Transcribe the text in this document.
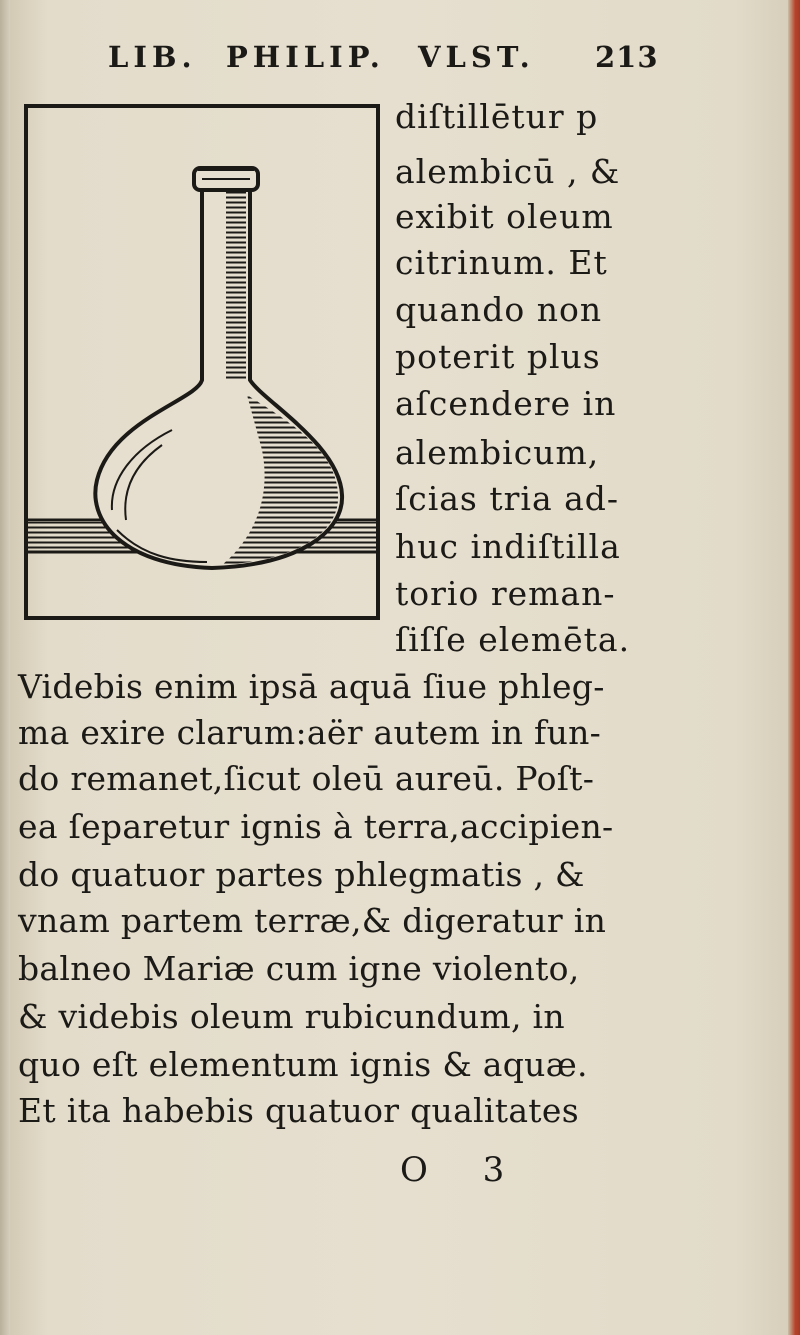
LIB. PHILIP. VLST. 213
diſtillētur p
alembicū , &
exibit oleum
citrinum. Et
quando non
poterit plus
aſcendere in
alembicum,
ſcias tria ad-
huc indiſtilla
torio reman-
ſiſſe elemēta.
Videbis enim ipsā aquā ſiue phleg-
ma exire clarum:aër autem in fun-
do remanet,ſicut oleū aureū. Poſt-
ea ſeparetur ignis à terra,accipien-
do quatuor partes phlegmatis , &
vnam partem terræ,& digeratur in
balneo Mariæ cum igne violento,
& videbis oleum rubicundum, in
quo eſt elementum ignis & aquæ.
Et ita habebis quatuor qualitates
O 3
